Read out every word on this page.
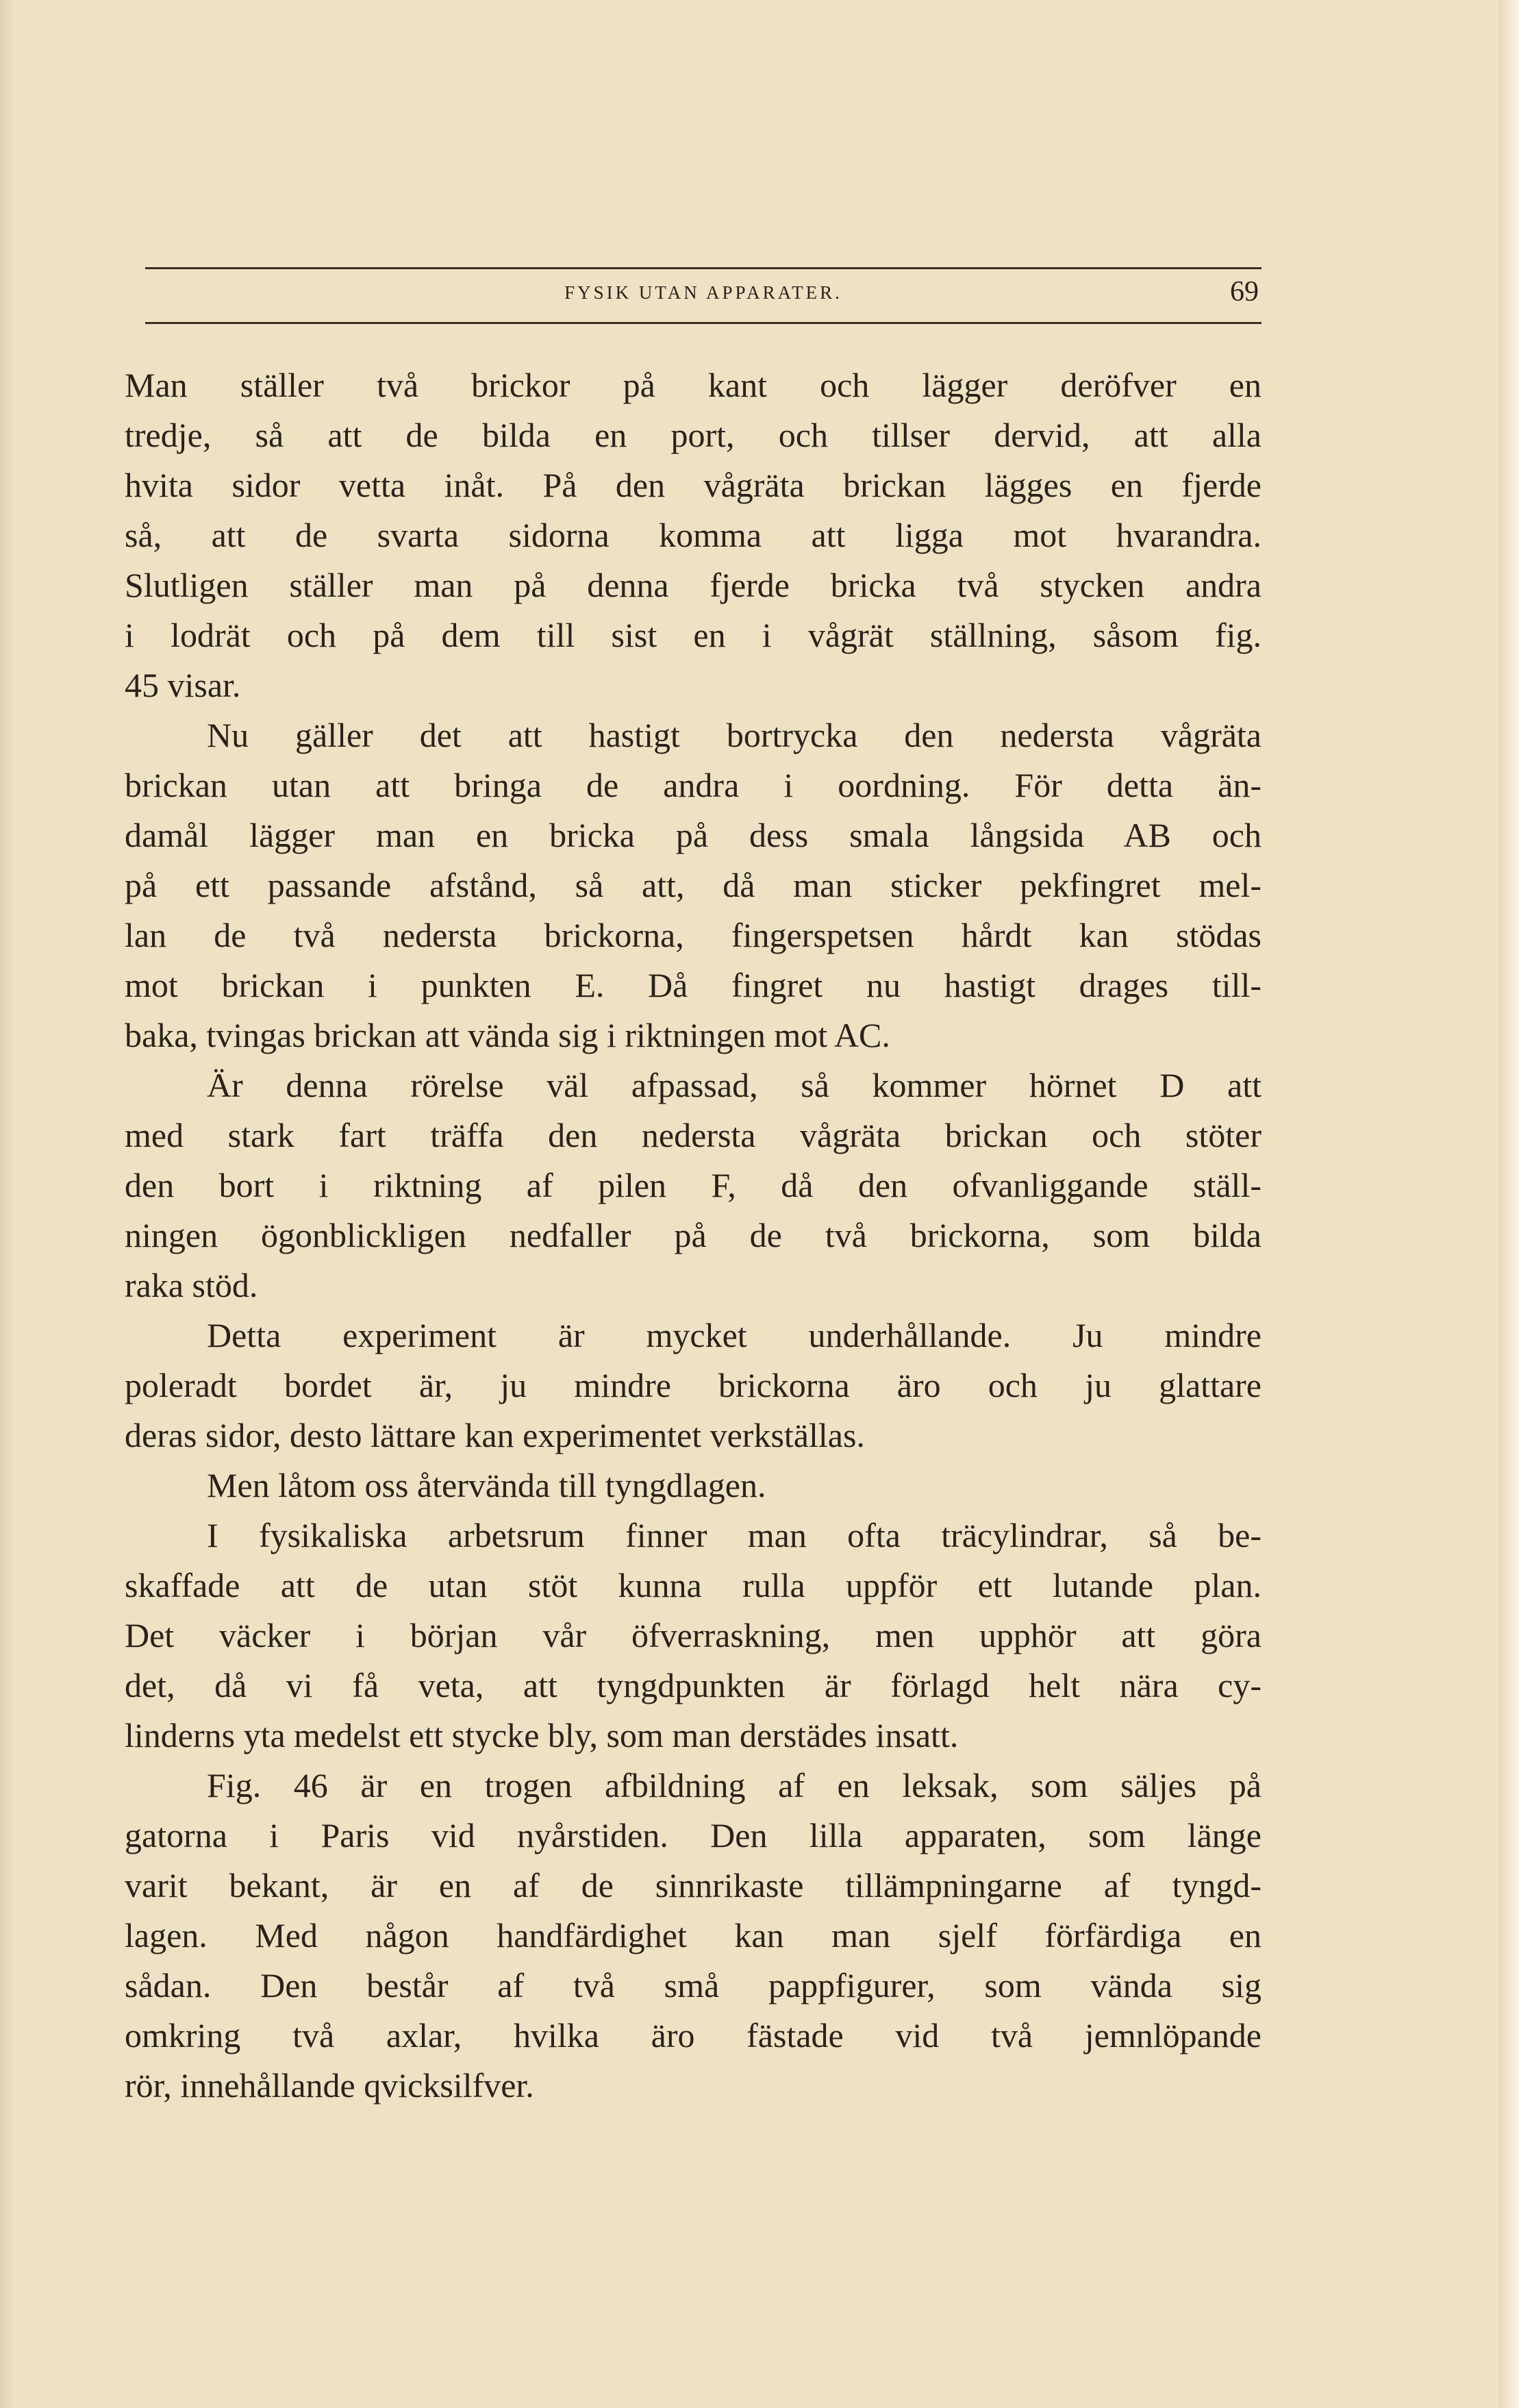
FYSIK UTAN APPARATER.	69
Man ställer två brickor på kant och lägger deröfver en
tredje, så att de bilda en port, och tillser dervid, att alla
hvita sidor vetta inåt. På den vågräta brickan lägges en fjerde
så, att de svarta sidorna komma att ligga mot hvarandra.
Slutligen ställer man på denna fjerde bricka två stycken andra
i lodrät och på dem till sist en i vågrät ställning, såsom fig.
45 visar.
Nu gäller det att hastigt bortrycka den nedersta vågräta
brickan utan att bringa de andra i oordning. För detta än-
damål lägger man en bricka på dess smala långsida AB och
på ett passande afstånd, så att, då man sticker pekfingret mel-
lan de två nedersta brickorna, fingerspetsen hårdt kan stödas
mot brickan i punkten E. Då fingret nu hastigt drages till-
baka, tvingas brickan att vända sig i riktningen mot AC.
Är denna rörelse väl afpassad, så kommer hörnet D att
med stark fart träffa den nedersta vågräta brickan och stöter
den bort i riktning af pilen F, då den ofvanliggande ställ-
ningen ögonblickligen nedfaller på de två brickorna, som bilda
raka stöd.
Detta experiment är mycket underhållande. Ju mindre
poleradt bordet är, ju mindre brickorna äro och ju glattare
deras sidor, desto lättare kan experimentet verkställas.
Men låtom oss återvända till tyngdlagen.
I fysikaliska arbetsrum finner man ofta träcylindrar, så be-
skaffade att de utan stöt kunna rulla uppför ett lutande plan.
Det väcker i början vår öfverraskning, men upphör att göra
det, då vi få veta, att tyngdpunkten är förlagd helt nära cy-
linderns yta medelst ett stycke bly, som man derstädes insatt.
Fig. 46 är en trogen afbildning af en leksak, som säljes på
gatorna i Paris vid nyårstiden. Den lilla apparaten, som länge
varit bekant, är en af de sinnrikaste tillämpningarne af tyngd-
lagen. Med någon handfärdighet kan man sjelf förfärdiga en
sådan. Den består af två små pappfigurer, som vända sig
omkring två axlar, hvilka äro fästade vid två jemnlöpande
rör, innehållande qvicksilfver.
